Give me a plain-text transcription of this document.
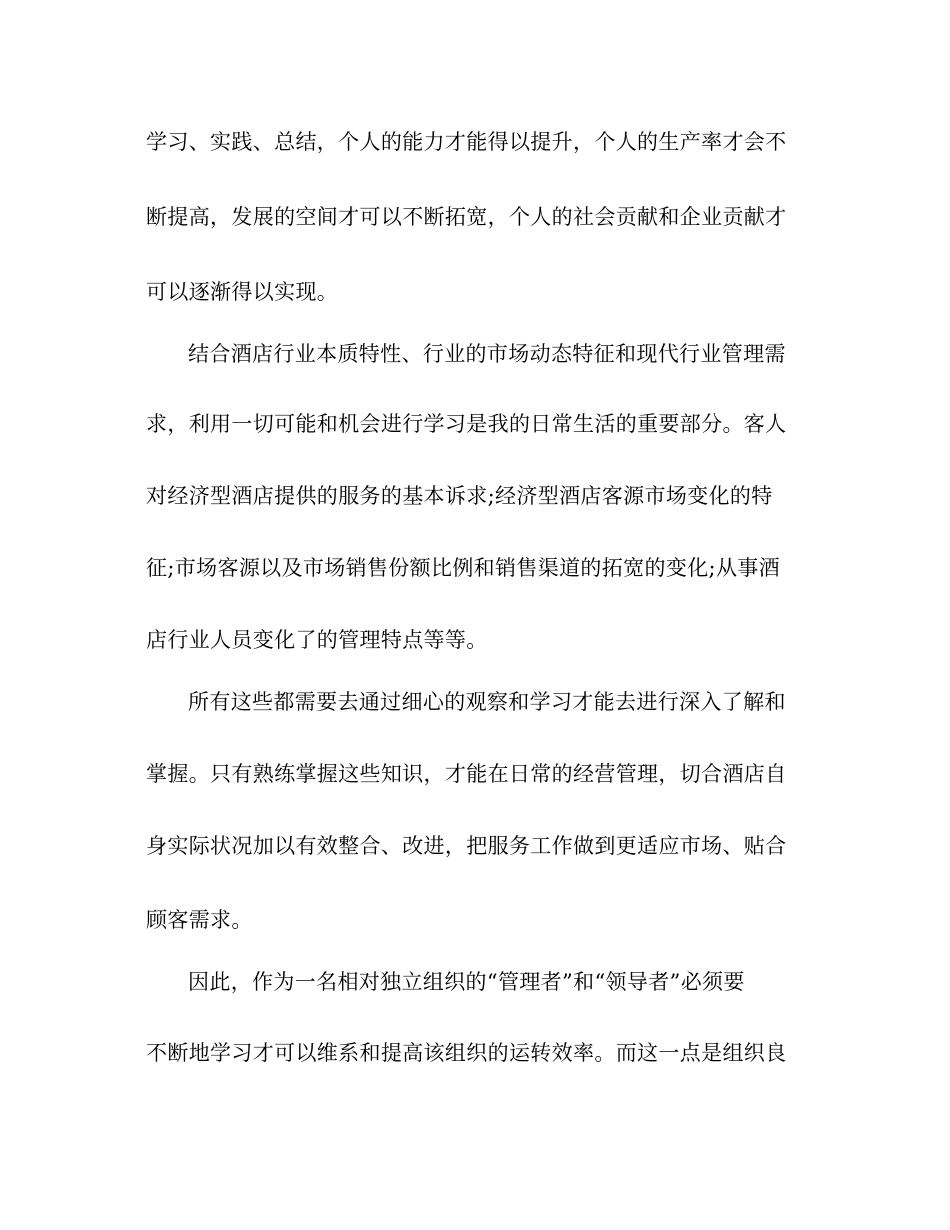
学习、实践、总结，个人的能力才能得以提升，个人的生产率才会不
断提高，发展的空间才可以不断拓宽，个人的社会贡献和企业贡献才
可以逐渐得以实现。
结合酒店行业本质特性、行业的市场动态特征和现代行业管理需
求，利用一切可能和机会进行学习是我的日常生活的重要部分。客人
对经济型酒店提供的服务的基本诉求;经济型酒店客源市场变化的特
征;市场客源以及市场销售份额比例和销售渠道的拓宽的变化;从事酒
店行业人员变化了的管理特点等等。
所有这些都需要去通过细心的观察和学习才能去进行深入了解和
掌握。只有熟练掌握这些知识，才能在日常的经营管理，切合酒店自
身实际状况加以有效整合、改进，把服务工作做到更适应市场、贴合
顾客需求。
因此，作为一名相对独立组织的“管理者”和“领导者”必须要
不断地学习才可以维系和提高该组织的运转效率。而这一点是组织良
